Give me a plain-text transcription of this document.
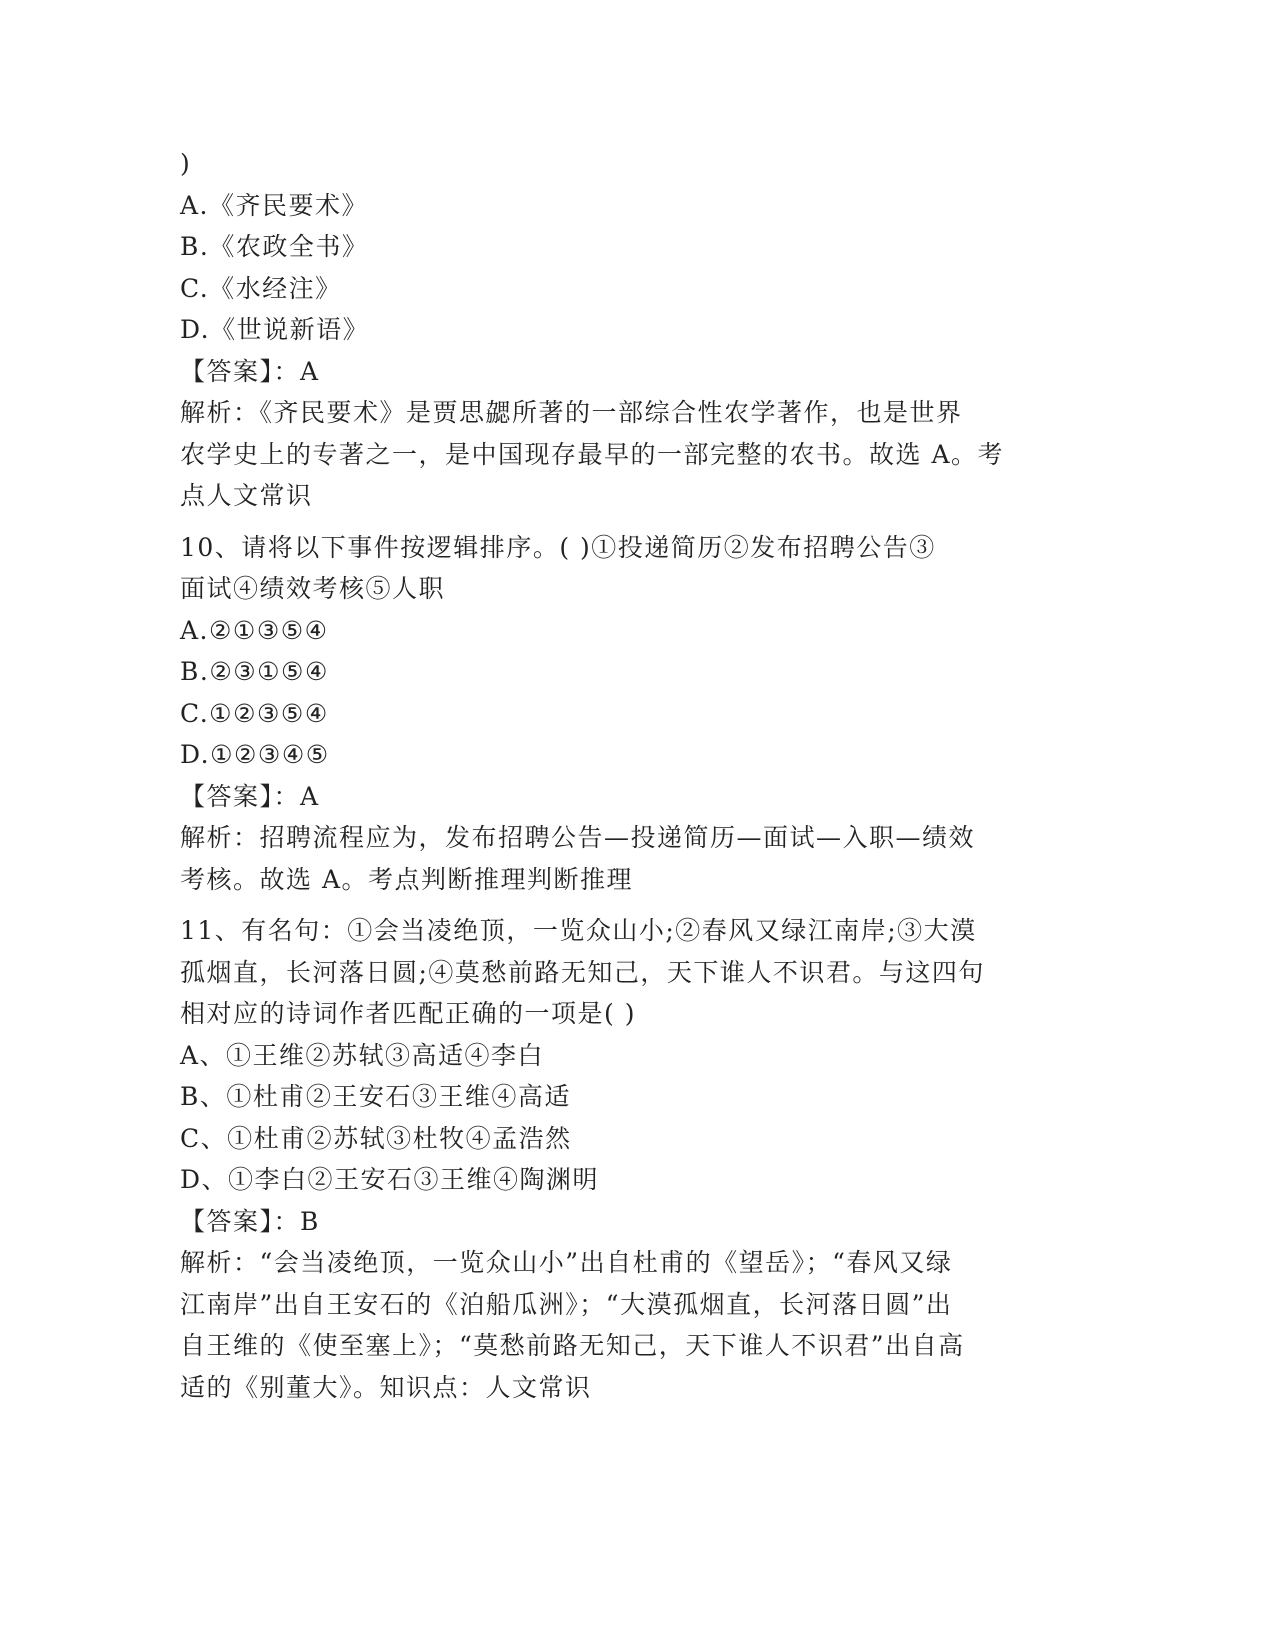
)
A.《齐民要术》
B.《农政全书》
C.《水经注》
D.《世说新语》
【答案】：A
解析：《齐民要术》是贾思勰所著的一部综合性农学著作，也是世界
农学史上的专著之一，是中国现存最早的一部完整的农书。故选 A。考
点人文常识
10、请将以下事件按逻辑排序。( )①投递简历②发布招聘公告③
面试④绩效考核⑤人职
A.②①③⑤④
B.②③①⑤④
C.①②③⑤④
D.①②③④⑤
【答案】：A
解析：招聘流程应为，发布招聘公告—投递简历—面试—入职—绩效
考核。故选 A。考点判断推理判断推理
11、有名句：①会当凌绝顶，一览众山小;②春风又绿江南岸;③大漠
孤烟直，长河落日圆;④莫愁前路无知己，天下谁人不识君。与这四句
相对应的诗词作者匹配正确的一项是( )
A、①王维②苏轼③高适④李白
B、①杜甫②王安石③王维④高适
C、①杜甫②苏轼③杜牧④孟浩然
D、①李白②王安石③王维④陶渊明
【答案】：B
解析：“会当凌绝顶，一览众山小”出自杜甫的《望岳》；“春风又绿
江南岸”出自王安石的《泊船瓜洲》；“大漠孤烟直，长河落日圆”出
自王维的《使至塞上》；“莫愁前路无知己，天下谁人不识君”出自高
适的《别董大》。知识点：人文常识
